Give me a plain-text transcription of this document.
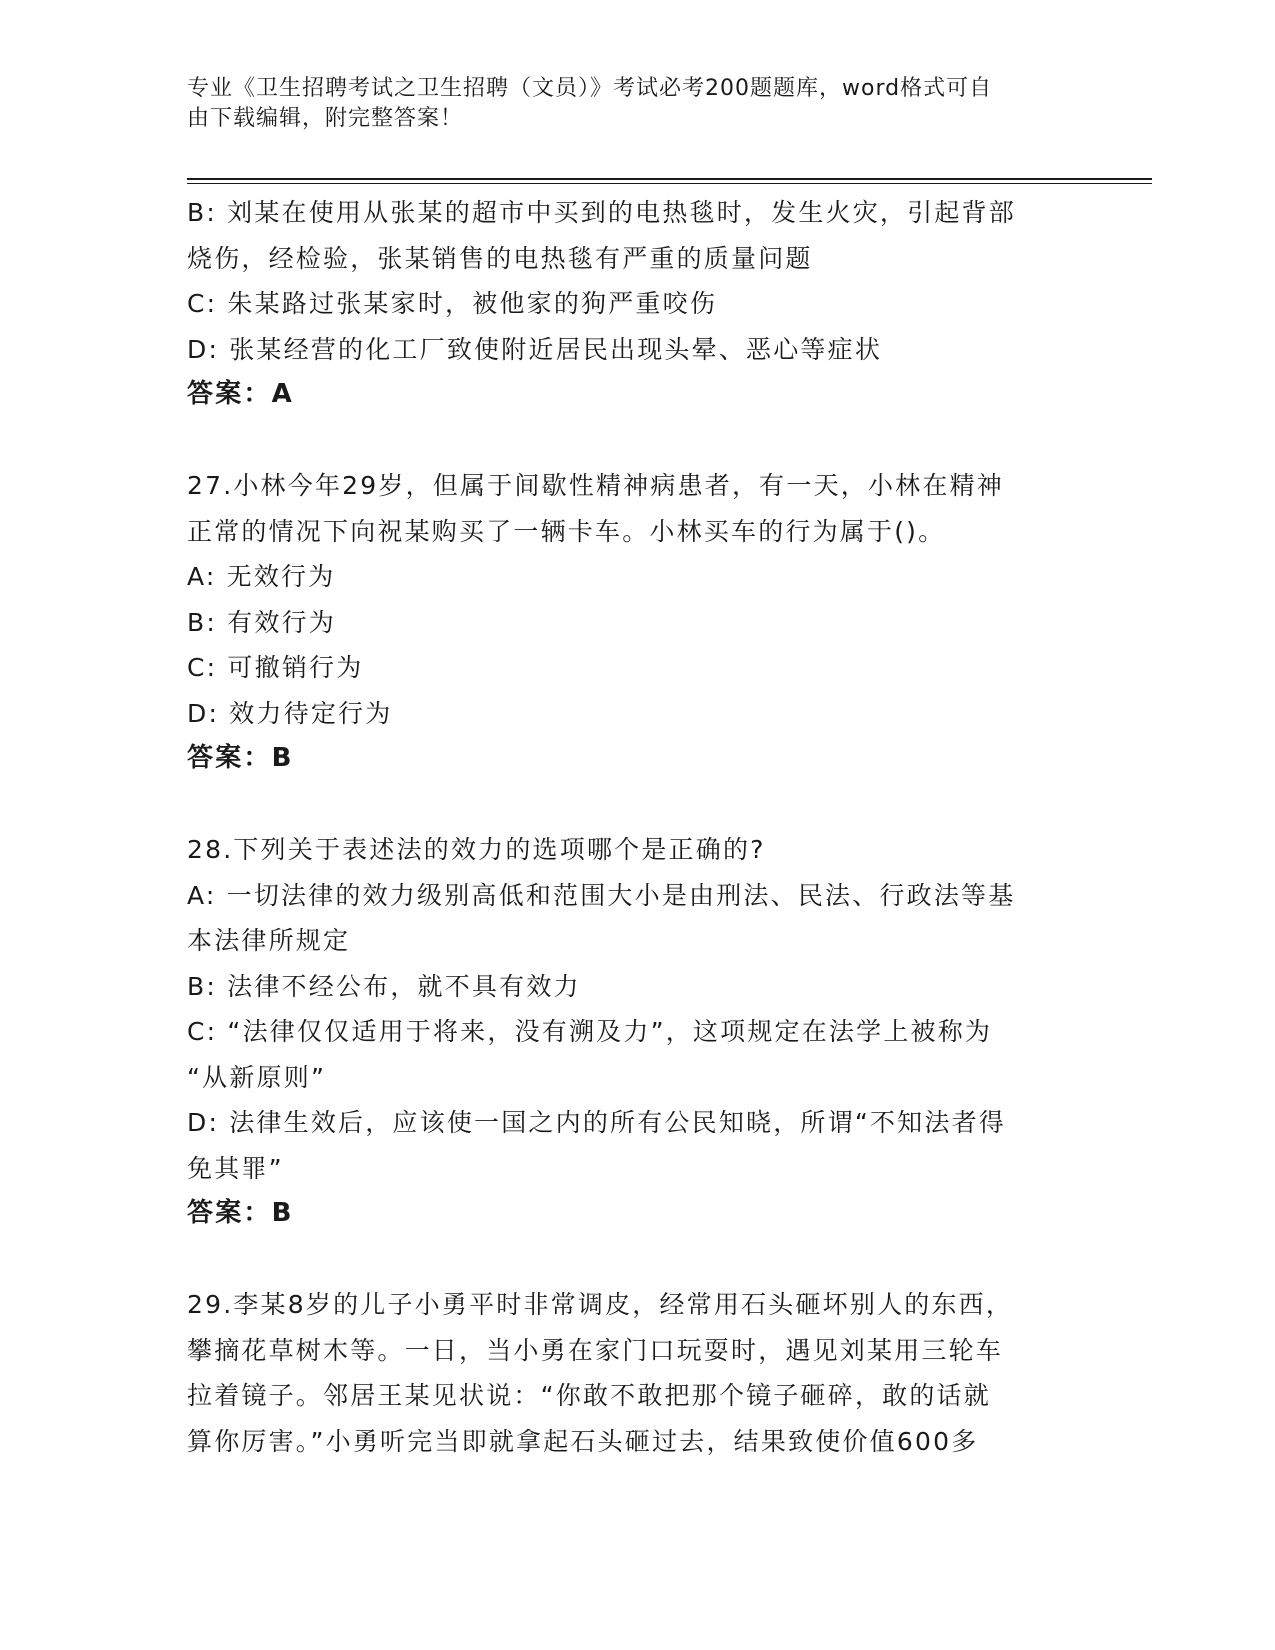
专业《卫生招聘考试之卫生招聘（文员）》考试必考200题题库，word格式可自
由下载编辑，附完整答案！
B: 刘某在使用从张某的超市中买到的电热毯时，发生火灾，引起背部
烧伤，经检验，张某销售的电热毯有严重的质量问题
C: 朱某路过张某家时，被他家的狗严重咬伤
D: 张某经营的化工厂致使附近居民出现头晕、恶心等症状
答案：A
27.小林今年29岁，但属于间歇性精神病患者，有一天，小林在精神
正常的情况下向祝某购买了一辆卡车。小林买车的行为属于()。
A: 无效行为
B: 有效行为
C: 可撤销行为
D: 效力待定行为
答案：B
28.下列关于表述法的效力的选项哪个是正确的?
A: 一切法律的效力级别高低和范围大小是由刑法、民法、行政法等基
本法律所规定
B: 法律不经公布，就不具有效力
C: “法律仅仅适用于将来，没有溯及力”，这项规定在法学上被称为
“从新原则”
D: 法律生效后，应该使一国之内的所有公民知晓，所谓“不知法者得
免其罪”
答案：B
29.李某8岁的儿子小勇平时非常调皮，经常用石头砸坏别人的东西，
攀摘花草树木等。一日，当小勇在家门口玩耍时，遇见刘某用三轮车
拉着镜子。邻居王某见状说：“你敢不敢把那个镜子砸碎，敢的话就
算你厉害。”小勇听完当即就拿起石头砸过去，结果致使价值600多
